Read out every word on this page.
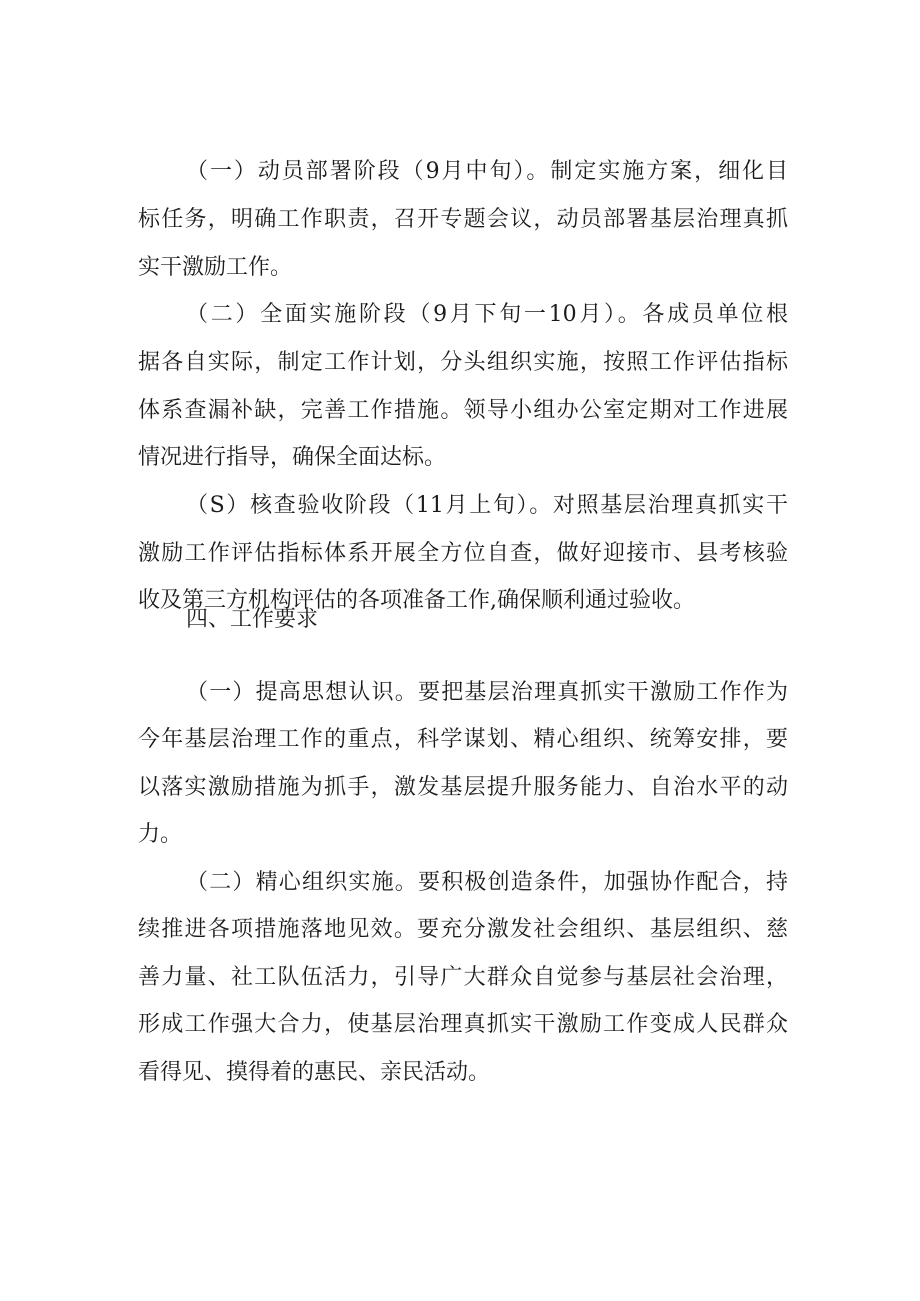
（一）动员部署阶段（9月中旬）。制定实施方案，细化目
标任务，明确工作职责，召开专题会议，动员部署基层治理真抓
实干激励工作。
（二）全面实施阶段（9月下旬一10月）。各成员单位根
据各自实际，制定工作计划，分头组织实施，按照工作评估指标
体系查漏补缺，完善工作措施。领导小组办公室定期对工作进展
情况进行指导，确保全面达标。
（S）核查验收阶段（11月上旬）。对照基层治理真抓实干
激励工作评估指标体系开展全方位自查，做好迎接市、县考核验
收及第三方机构评估的各项准备工作,确保顺利通过验收。
四、工作要求
（一）提高思想认识。要把基层治理真抓实干激励工作作为
今年基层治理工作的重点，科学谋划、精心组织、统筹安排，要
以落实激励措施为抓手，激发基层提升服务能力、自治水平的动
力。
（二）精心组织实施。要积极创造条件，加强协作配合，持
续推进各项措施落地见效。要充分激发社会组织、基层组织、慈
善力量、社工队伍活力，引导广大群众自觉参与基层社会治理，
形成工作强大合力，使基层治理真抓实干激励工作变成人民群众
看得见、摸得着的惠民、亲民活动。
